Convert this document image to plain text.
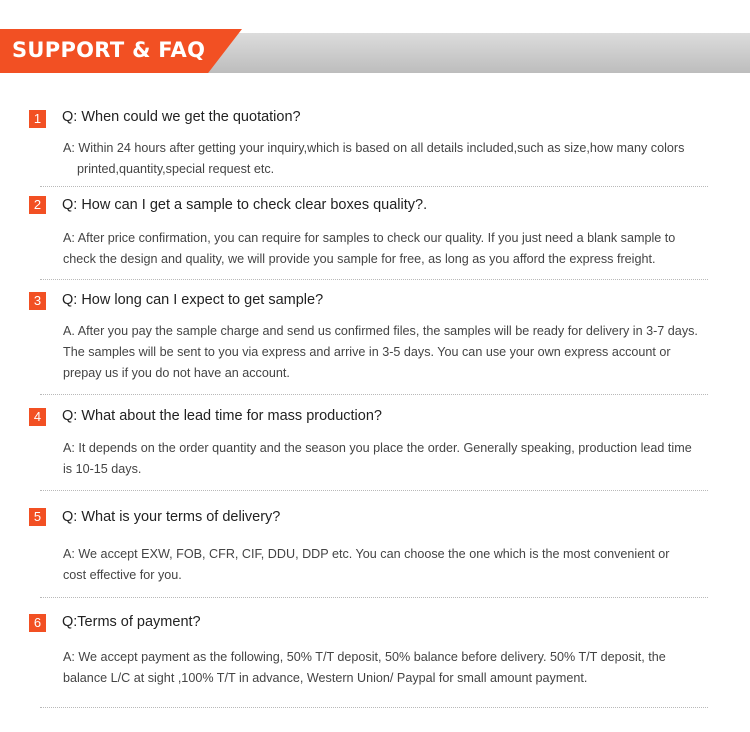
SUPPORT & FAQ
1	Q: When could we get the quotation?
A: Within 24 hours after getting your inquiry,which is based on all details included,such as size,how many colors
printed,quantity,special request etc.
2	Q: How can I get a sample to check clear boxes quality?.
A: After price confirmation, you can require for samples to check our quality. If you just need a blank sample to
check the design and quality, we will provide you sample for free, as long as you afford the express freight.
3	Q: How long can I expect to get sample?
A. After you pay the sample charge and send us confirmed files, the samples will be ready for delivery in 3-7 days.
The samples will be sent to you via express and arrive in 3-5 days. You can use your own express account or
prepay us if you do not have an account.
4	Q: What about the lead time for mass production?
A: It depends on the order quantity and the season you place the order. Generally speaking, production lead time
is 10-15 days.
5	Q: What is your terms of delivery?
A: We accept EXW, FOB, CFR, CIF, DDU, DDP etc. You can choose the one which is the most convenient or
cost effective for you.
6	Q:Terms of payment?
A: We accept payment as the following, 50% T/T deposit, 50% balance before delivery. 50% T/T deposit, the
balance L/C at sight ,100% T/T in advance, Western Union/ Paypal for small amount payment.
